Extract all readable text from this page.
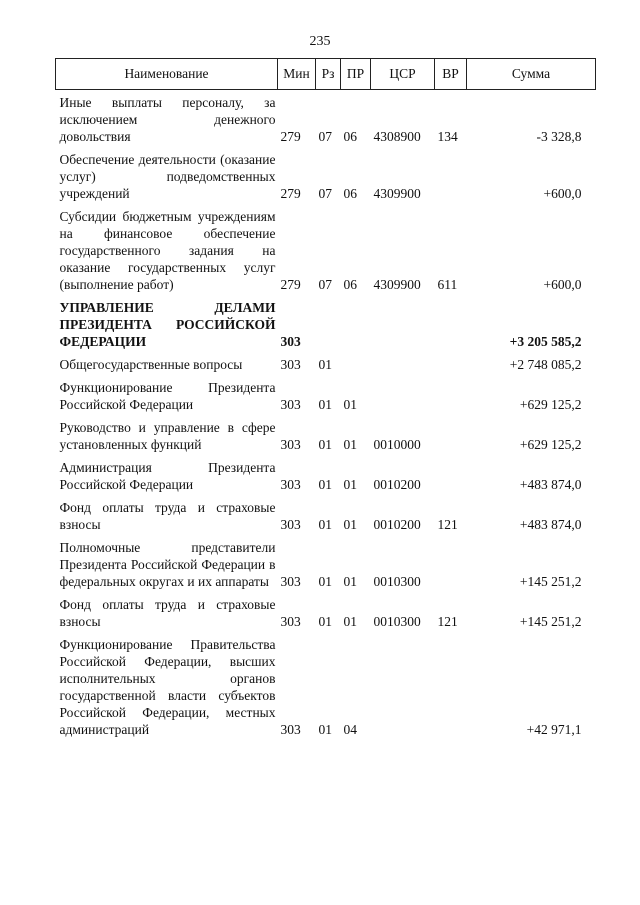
235
Наименование	Мин	Рз	ПР	ЦСР	ВР	Сумма
Иные выплаты персоналу, за исключением денежного довольствия	279	07	06	4308900	134	-3 328,8
Обеспечение деятельности (оказание услуг) подведомственных учреждений	279	07	06	4309900		+600,0
Субсидии бюджетным учреждениям на финансовое обеспечение государственного задания на оказание государственных услуг (выполнение работ)	279	07	06	4309900	611	+600,0
УПРАВЛЕНИЕ ДЕЛАМИ ПРЕЗИДЕНТА РОССИЙСКОЙ ФЕДЕРАЦИИ	303					+3 205 585,2
Общегосударственные вопросы	303	01				+2 748 085,2
Функционирование Президента Российской Федерации	303	01	01			+629 125,2
Руководство и управление в сфере установленных функций	303	01	01	0010000		+629 125,2
Администрация Президента Российской Федерации	303	01	01	0010200		+483 874,0
Фонд оплаты труда и страховые взносы	303	01	01	0010200	121	+483 874,0
Полномочные представители Президента Российской Федерации в федеральных округах и их аппараты	303	01	01	0010300		+145 251,2
Фонд оплаты труда и страховые взносы	303	01	01	0010300	121	+145 251,2
Функционирование Правительства Российской Федерации, высших исполнительных органов государственной власти субъектов Российской Федерации, местных администраций	303	01	04			+42 971,1
